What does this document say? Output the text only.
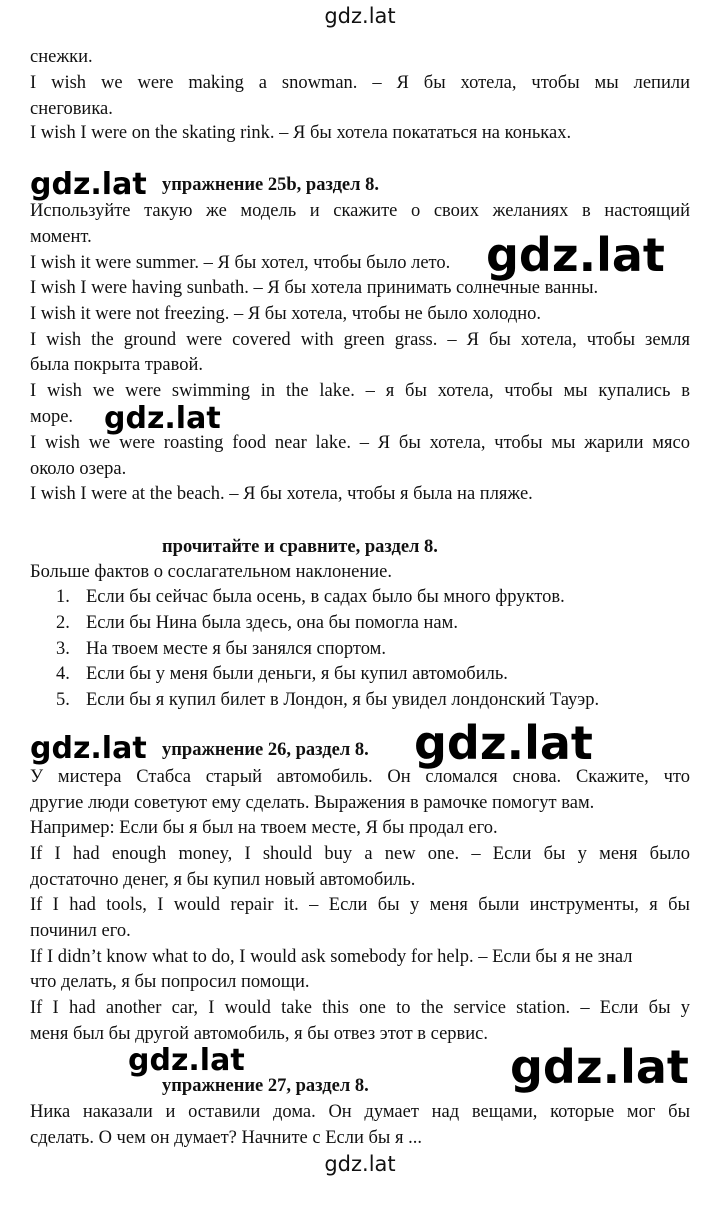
gdz.lat
снежки.
I wish we were making a snowman. – Я бы хотела, чтобы мы лепили
снеговика.
I wish I were on the skating rink. – Я бы хотела покататься на коньках.
упражнение 25b, раздел 8.
Используйте такую же модель и скажите о своих желаниях в настоящий
момент.
I wish it were summer. – Я бы хотел, чтобы было лето.
I wish I were having sunbath. – Я бы хотела принимать солнечные ванны.
I wish it were not freezing. – Я бы хотела, чтобы не было холодно.
I wish the ground were covered with green grass. – Я бы хотела, чтобы земля
была покрыта травой.
I wish we were swimming in the lake. – я бы хотела, чтобы мы купались в
море.
I wish we were roasting food near lake. – Я бы хотела, чтобы мы жарили мясо
около озера.
I wish I were at the beach. – Я бы хотела, чтобы я была на пляже.
прочитайте и сравните, раздел 8.
Больше фактов о сослагательном наклонение.
1. Если бы сейчас была осень, в садах было бы много фруктов.
2. Если бы Нина была здесь, она бы помогла нам.
3. На твоем месте я бы занялся спортом.
4. Если бы у меня были деньги, я бы купил автомобиль.
5. Если бы я купил билет в Лондон, я бы увидел лондонский Тауэр.
упражнение 26, раздел 8.
У мистера Стабса старый автомобиль. Он сломался снова. Скажите, что
другие люди советуют ему сделать. Выражения в рамочке помогут вам.
Например: Если бы я был на твоем месте, Я бы продал его.
If I had enough money, I should buy a new one. – Если бы у меня было
достаточно денег, я бы купил новый автомобиль.
If I had tools, I would repair it. – Если бы у меня были инструменты, я бы
починил его.
If I didn’t know what to do, I would ask somebody for help. – Если бы я не знал
что делать, я бы попросил помощи.
If I had another car, I would take this one to the service station. – Если бы у
меня был бы другой автомобиль, я бы отвез этот в сервис.
упражнение 27, раздел 8.
Ника наказали и оставили дома. Он думает над вещами, которые мог бы
сделать. О чем он думает? Начните с Если бы я ...
gdz.lat
gdz.lat
gdz.lat
gdz.lat	gdz.lat
gdz.lat	gdz.lat
gdz.lat
